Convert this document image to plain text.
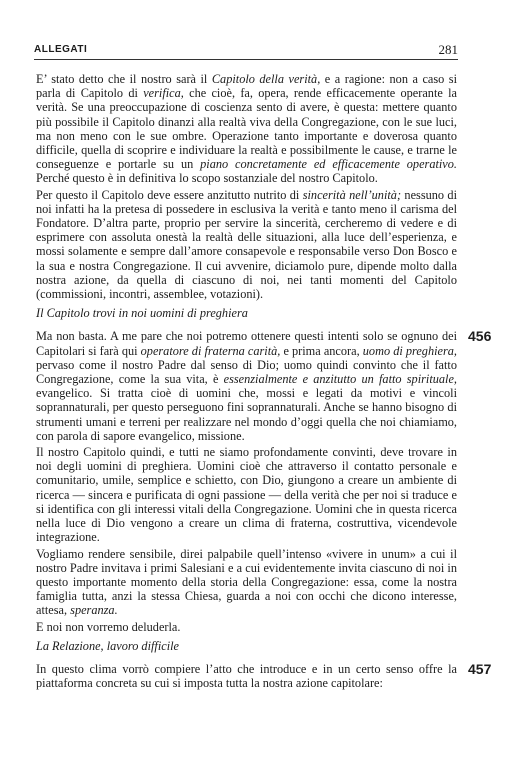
ALLEGATI	281

E’ stato detto che il nostro sarà il Capitolo della verità, e a ragione: non a caso si parla di Capitolo di verifica, che cioè, fa, opera, rende efficacemente operante la verità. Se una preoccupazione di coscienza sento di avere, è questa: mettere quanto più possibile il Capitolo dinanzi alla realtà viva della Congregazione, con le sue luci, ma non meno con le sue ombre. Operazione tanto importante e doverosa quanto difficile, quella di scoprire e individuare la realtà e possibilmente le cause, e trarne le conseguenze e portarle su un piano concretamente ed efficacemente operativo. Perché questo è in definitiva lo scopo sostanziale del nostro Capitolo.

Per questo il Capitolo deve essere anzitutto nutrito di sincerità nell’unità; nessuno di noi infatti ha la pretesa di possedere in esclusiva la verità e tanto meno il carisma del Fondatore. D’altra parte, proprio per servire la sincerità, cercheremo di vedere e di esprimere con assoluta onestà la realtà delle situazioni, alla luce dell’esperienza, e mossi solamente e sempre dall’amore consapevole e responsabile verso Don Bosco e la sua e nostra Congregazione. Il cui avvenire, diciamolo pure, dipende molto dalla nostra azione, da quella di ciascuno di noi, nei tanti momenti del Capitolo (commissioni, incontri, assemblee, votazioni).

Il Capitolo trovi in noi uomini di preghiera

Ma non basta. A me pare che noi potremo ottenere questi intenti solo se ognuno dei Capitolari si farà qui operatore di fraterna carità, e prima ancora, uomo di preghiera, pervaso come il nostro Padre dal senso di Dio; uomo quindi convinto che il fatto Congregazione, come la sua vita, è essenzialmente e anzitutto un fatto spirituale, evangelico. Si tratta cioè di uomini che, mossi e legati da motivi e vincoli soprannaturali, per questo perseguono fini soprannaturali. Anche se hanno bisogno di strumenti umani e terreni per realizzare nel mondo d’oggi quella che noi chiamiamo, con parola di sapore evangelico, missione.

Il nostro Capitolo quindi, e tutti ne siamo profondamente convinti, deve trovare in noi degli uomini di preghiera. Uomini cioè che attraverso il contatto personale e comunitario, umile, semplice e schietto, con Dio, giungono a creare un ambiente di ricerca — sincera e purificata di ogni passione — della verità che per noi si traduce e si identifica con gli interessi vitali della Congregazione. Uomini che in questa ricerca nella luce di Dio vengono a creare un clima di fraterna, costruttiva, vicendevole integrazione.

Vogliamo rendere sensibile, direi palpabile quell’intenso «vivere in unum» a cui il nostro Padre invitava i primi Salesiani e a cui evidentemente invita ciascuno di noi in questo importante momento della storia della Congregazione: essa, come la nostra famiglia tutta, anzi la stessa Chiesa, guarda a noi con occhi che dicono interesse, attesa, speranza.

E noi non vorremo deluderla.

La Relazione, lavoro difficile

In questo clima vorrò compiere l’atto che introduce e in un certo senso offre la piattaforma concreta su cui si imposta tutta la nostra azione capitolare:

456
457
